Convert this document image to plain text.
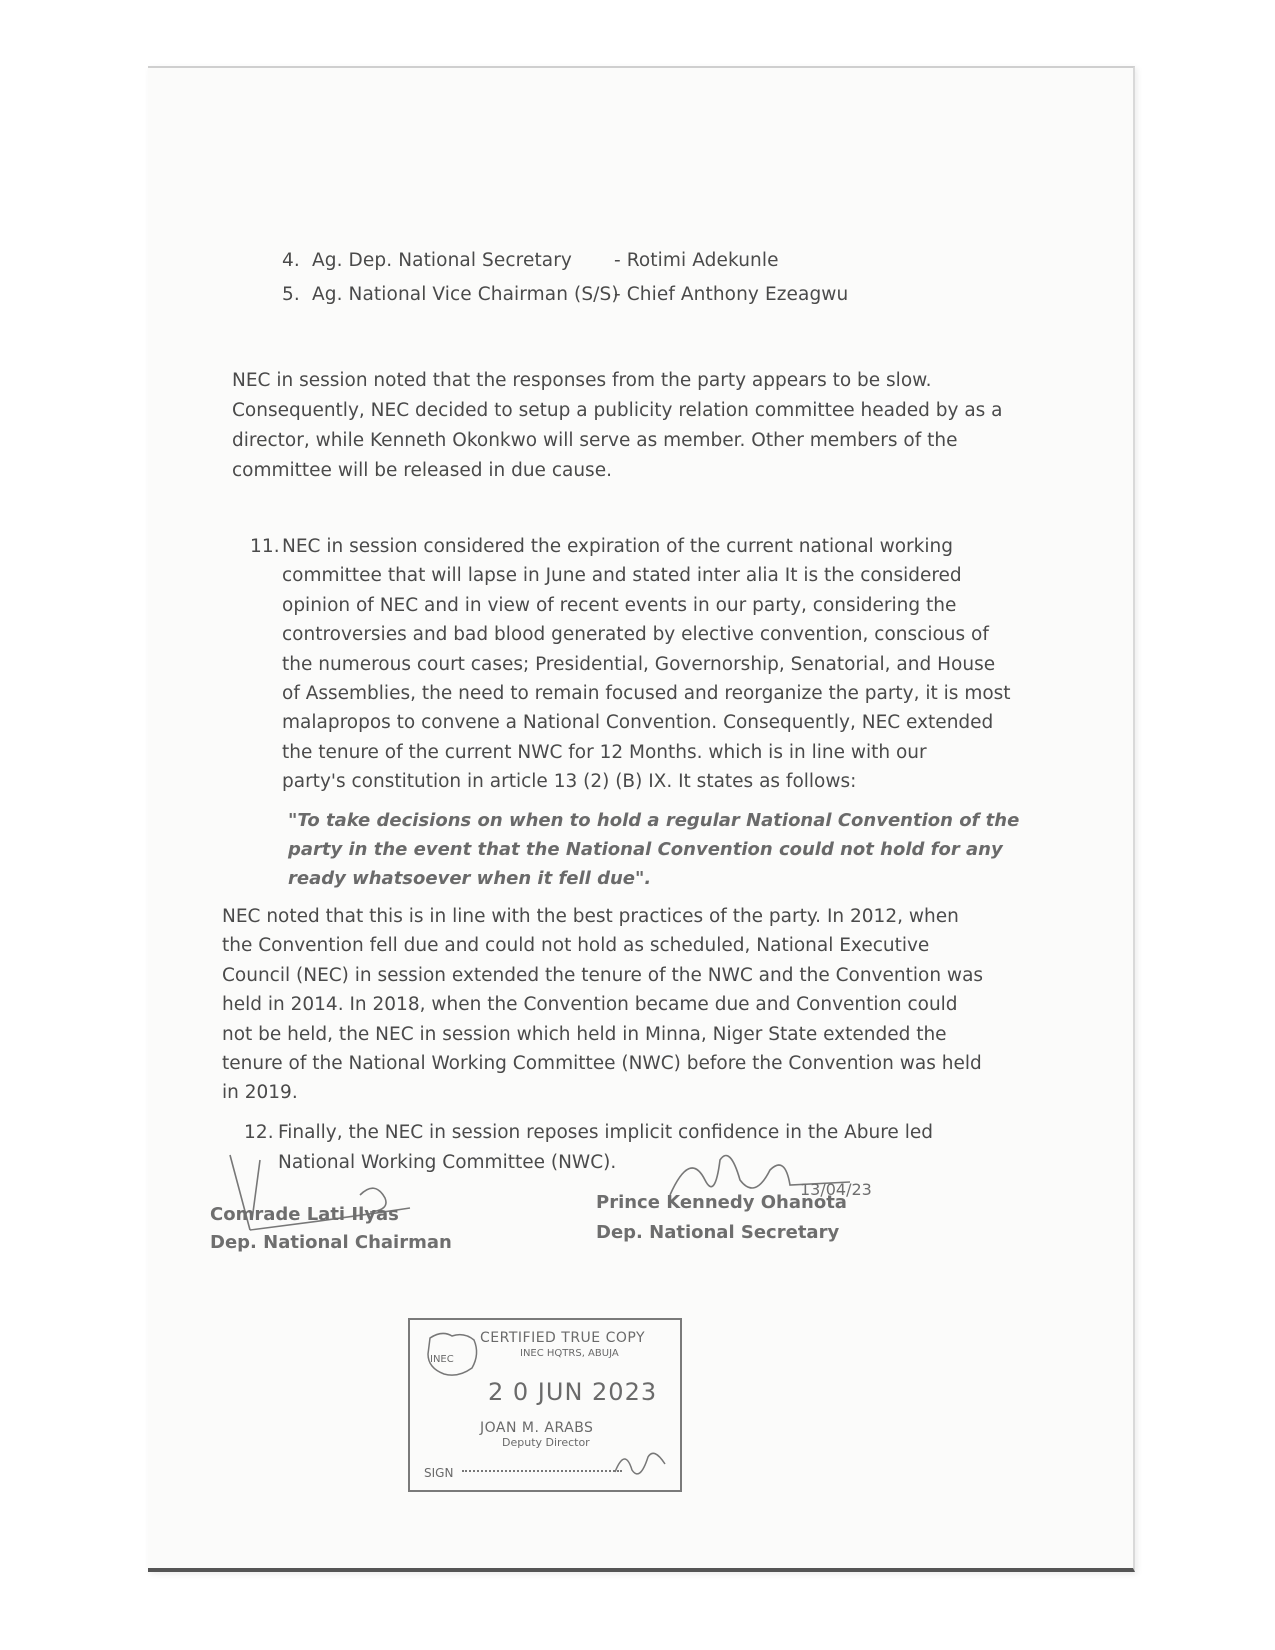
4. Ag. Dep. National Secretary - Rotimi Adekunle
5. Ag. National Vice Chairman (S/S)
- Chief Anthony Ezeagwu
NEC in session noted that the responses from the party appears to be slow.
Consequently, NEC decided to setup a publicity relation committee headed by as a
director, while Kenneth Okonkwo will serve as member. Other members of the
committee will be released in due cause.
11. NEC in session considered the expiration of the current national working
committee that will lapse in June and stated inter alia It is the considered
opinion of NEC and in view of recent events in our party, considering the
controversies and bad blood generated by elective convention, conscious of
the numerous court cases; Presidential, Governorship, Senatorial, and House
of Assemblies, the need to remain focused and reorganize the party, it is most
malapropos to convene a National Convention. Consequently, NEC extended
the tenure of the current NWC for 12 Months. which is in line with our
party's constitution in article 13 (2) (B) IX. It states as follows:
"To take decisions on when to hold a regular National Convention of the
party in the event that the National Convention could not hold for any
ready whatsoever when it fell due".
NEC noted that this is in line with the best practices of the party. In 2012, when
the Convention fell due and could not hold as scheduled, National Executive
Council (NEC) in session extended the tenure of the NWC and the Convention was
held in 2014. In 2018, when the Convention became due and Convention could
not be held, the NEC in session which held in Minna, Niger State extended the
tenure of the National Working Committee (NWC) before the Convention was held
in 2019.
12. Finally, the NEC in session reposes implicit confidence in the Abure led
National Working Committee (NWC).
Comrade Lati Ilyas
Dep. National Chairman
Prince Kennedy Ohanota
13/04/23
Dep. National Secretary
INEC
CERTIFIED TRUE COPY
INEC HQTRS, ABUJA
2 0 JUN 2023
JOAN M. ARABS
Deputy Director
SIGN
